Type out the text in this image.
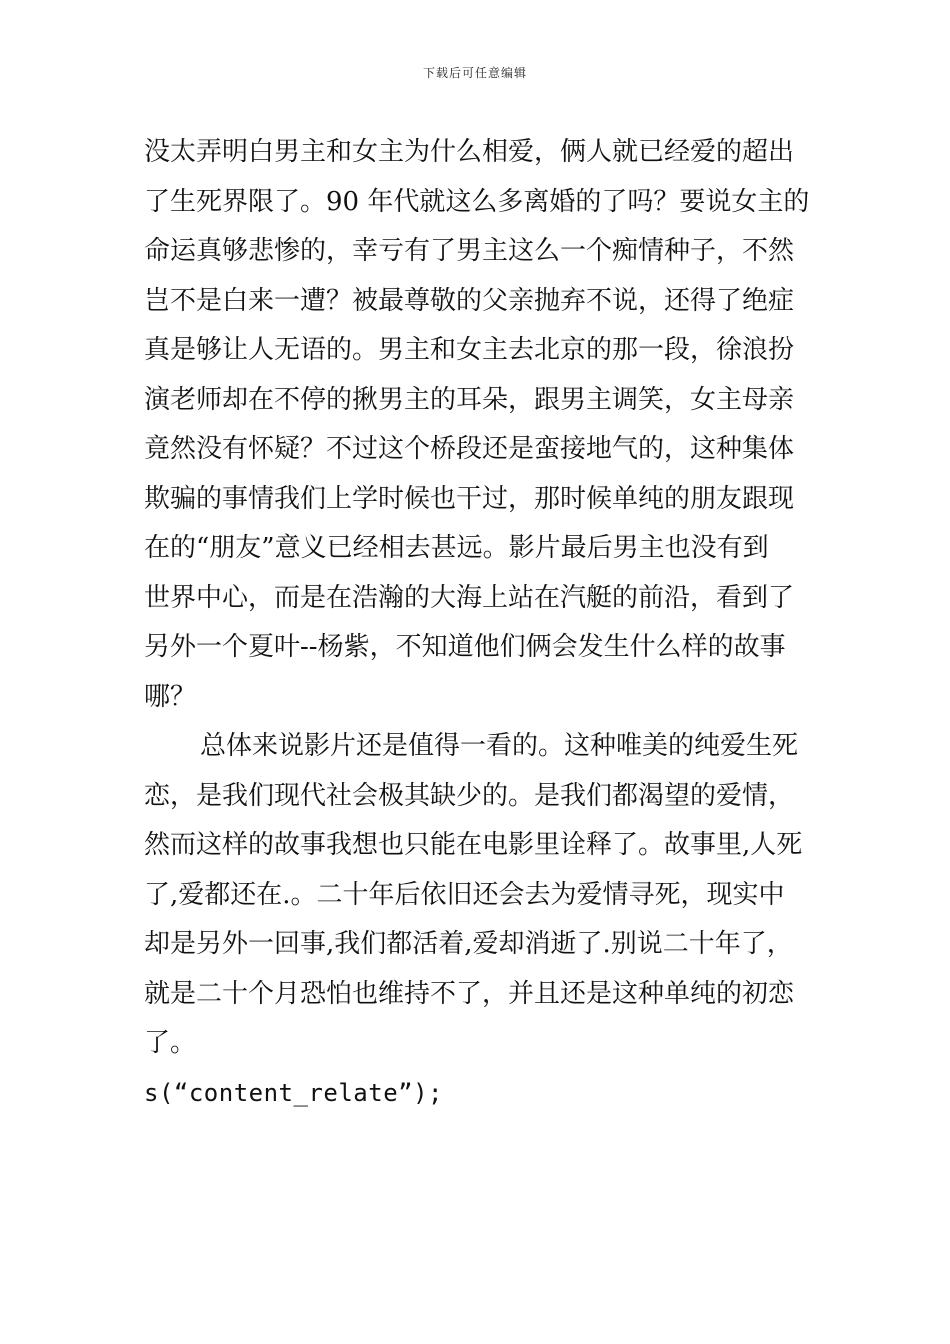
下载后可任意编辑
没太弄明白男主和女主为什么相爱，俩人就已经爱的超出
了生死界限了。90 年代就这么多离婚的了吗？要说女主的
命运真够悲惨的，幸亏有了男主这么一个痴情种子，不然
岂不是白来一遭？被最尊敬的父亲抛弃不说，还得了绝症
真是够让人无语的。男主和女主去北京的那一段，徐浪扮
演老师却在不停的揪男主的耳朵，跟男主调笑，女主母亲
竟然没有怀疑？不过这个桥段还是蛮接地气的，这种集体
欺骗的事情我们上学时候也干过，那时候单纯的朋友跟现
在的“朋友”意义已经相去甚远。影片最后男主也没有到
世界中心，而是在浩瀚的大海上站在汽艇的前沿，看到了
另外一个夏叶--杨紫，不知道他们俩会发生什么样的故事
哪？
总体来说影片还是值得一看的。这种唯美的纯爱生死
恋，是我们现代社会极其缺少的。是我们都渴望的爱情，
然而这样的故事我想也只能在电影里诠释了。故事里,人死
了,爱都还在.。二十年后依旧还会去为爱情寻死，现实中
却是另外一回事,我们都活着,爱却消逝了.别说二十年了，
就是二十个月恐怕也维持不了，并且还是这种单纯的初恋
了。
s(“content_relate”);
